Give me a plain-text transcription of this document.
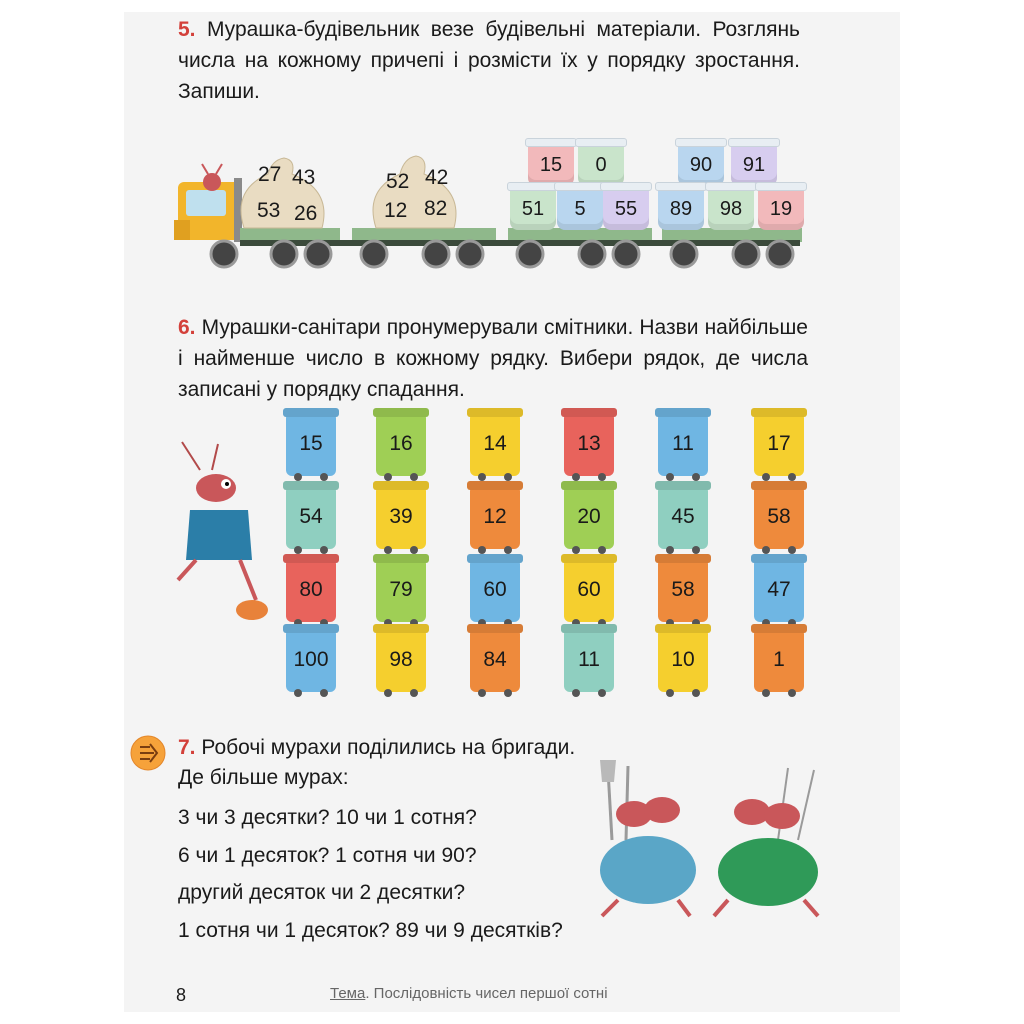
5. Мурашка-будівельник везе будівельні матеріали. Розглянь числа на кожному причепі і розмісти їх у порядку зростання. Запиши.
27 43
53 26
52 42
12 82
15	0
51	5	55
90	91
89	98	19
6. Мурашки-санітари пронумерували смітники. Назви найбільше і найменше число в кожному рядку. Вибери рядок, де числа записані у порядку спадання.
15	16	14	13	11	17
54	39	12	20	45	58
80	79	60	60	58	47
100	98	84	11	10	1
7. Робочі мурахи поділились на бригади.
Де більше мурах:
3 чи 3 десятки? 10 чи 1 сотня?
6 чи 1 десяток? 1 сотня чи 90?
другий десяток чи 2 десятки?
1 сотня чи 1 десяток? 89 чи 9 десятків?
8	Тема. Послідовність чисел першої сотні
